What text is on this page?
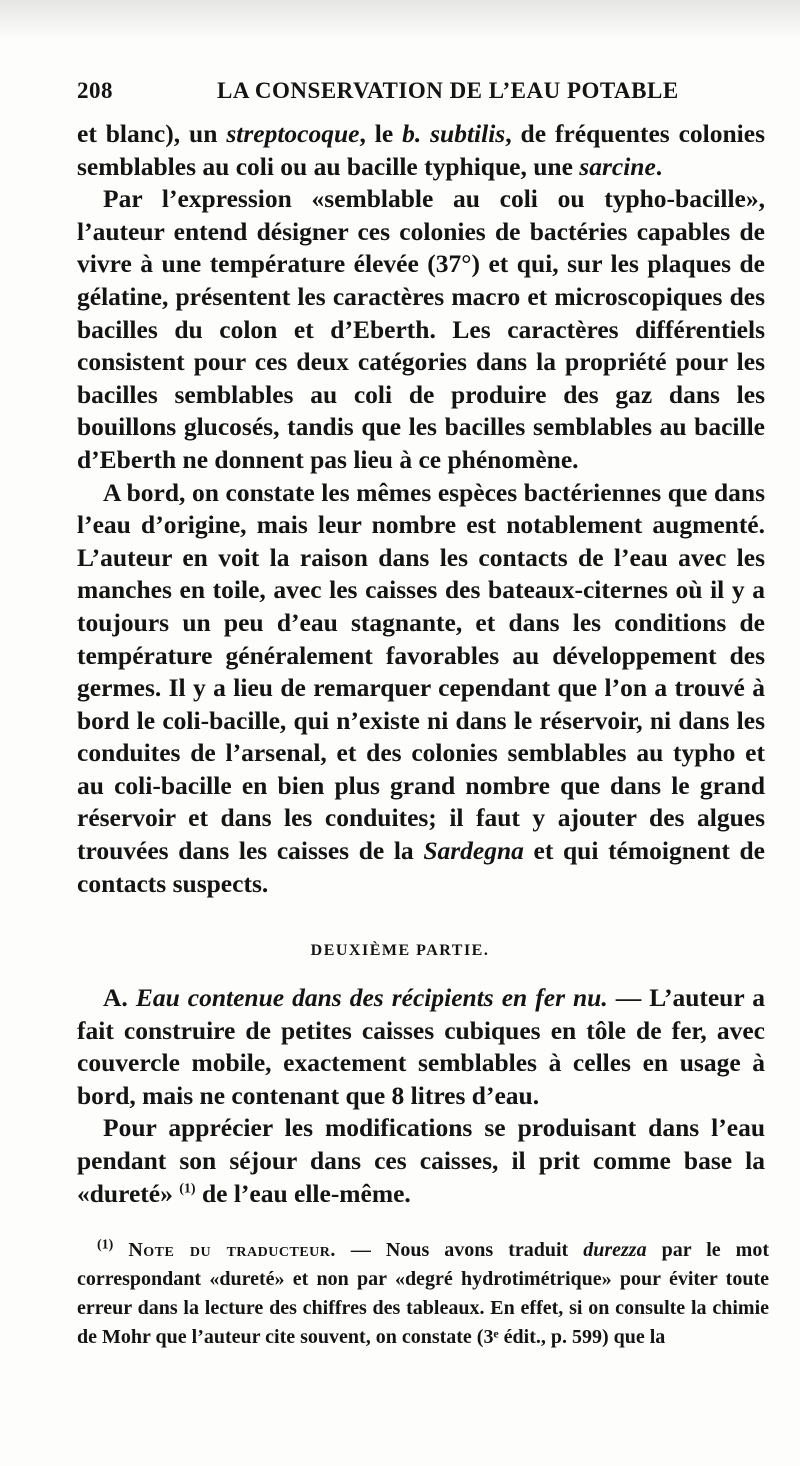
208	LA CONSERVATION DE L’EAU POTABLE

et blanc), un streptocoque, le b. subtilis, de fréquentes colonies semblables au coli ou au bacille typhique, une sarcine.

Par l’expression «semblable au coli ou typho-bacille», l’auteur entend désigner ces colonies de bactéries capables de vivre à une température élevée (37°) et qui, sur les plaques de gélatine, présentent les caractères macro et microscopiques des bacilles du colon et d’Eberth. Les caractères différentiels consistent pour ces deux catégories dans la propriété pour les bacilles semblables au coli de produire des gaz dans les bouillons glucosés, tandis que les bacilles semblables au bacille d’Eberth ne donnent pas lieu à ce phénomène.

A bord, on constate les mêmes espèces bactériennes que dans l’eau d’origine, mais leur nombre est notablement augmenté. L’auteur en voit la raison dans les contacts de l’eau avec les manches en toile, avec les caisses des bateaux-citernes où il y a toujours un peu d’eau stagnante, et dans les conditions de température généralement favorables au développement des germes. Il y a lieu de remarquer cependant que l’on a trouvé à bord le coli-bacille, qui n’existe ni dans le réservoir, ni dans les conduites de l’arsenal, et des colonies semblables au typho et au coli-bacille en bien plus grand nombre que dans le grand réservoir et dans les conduites; il faut y ajouter des algues trouvées dans les caisses de la Sardegna et qui témoignent de contacts suspects.

DEUXIÈME PARTIE.

A. Eau contenue dans des récipients en fer nu. — L’auteur a fait construire de petites caisses cubiques en tôle de fer, avec couvercle mobile, exactement semblables à celles en usage à bord, mais ne contenant que 8 litres d’eau.

Pour apprécier les modifications se produisant dans l’eau pendant son séjour dans ces caisses, il prit comme base la «dureté» $^{(1)}$ de l’eau elle-même.

$^{(1)}$ Note du traducteur. — Nous avons traduit durezza par le mot correspondant «dureté» et non par «degré hydrotimétrique» pour éviter toute erreur dans la lecture des chiffres des tableaux. En effet, si on consulte la chimie de Mohr que l’auteur cite souvent, on constate (3ᵉ édit., p. 599) que la
